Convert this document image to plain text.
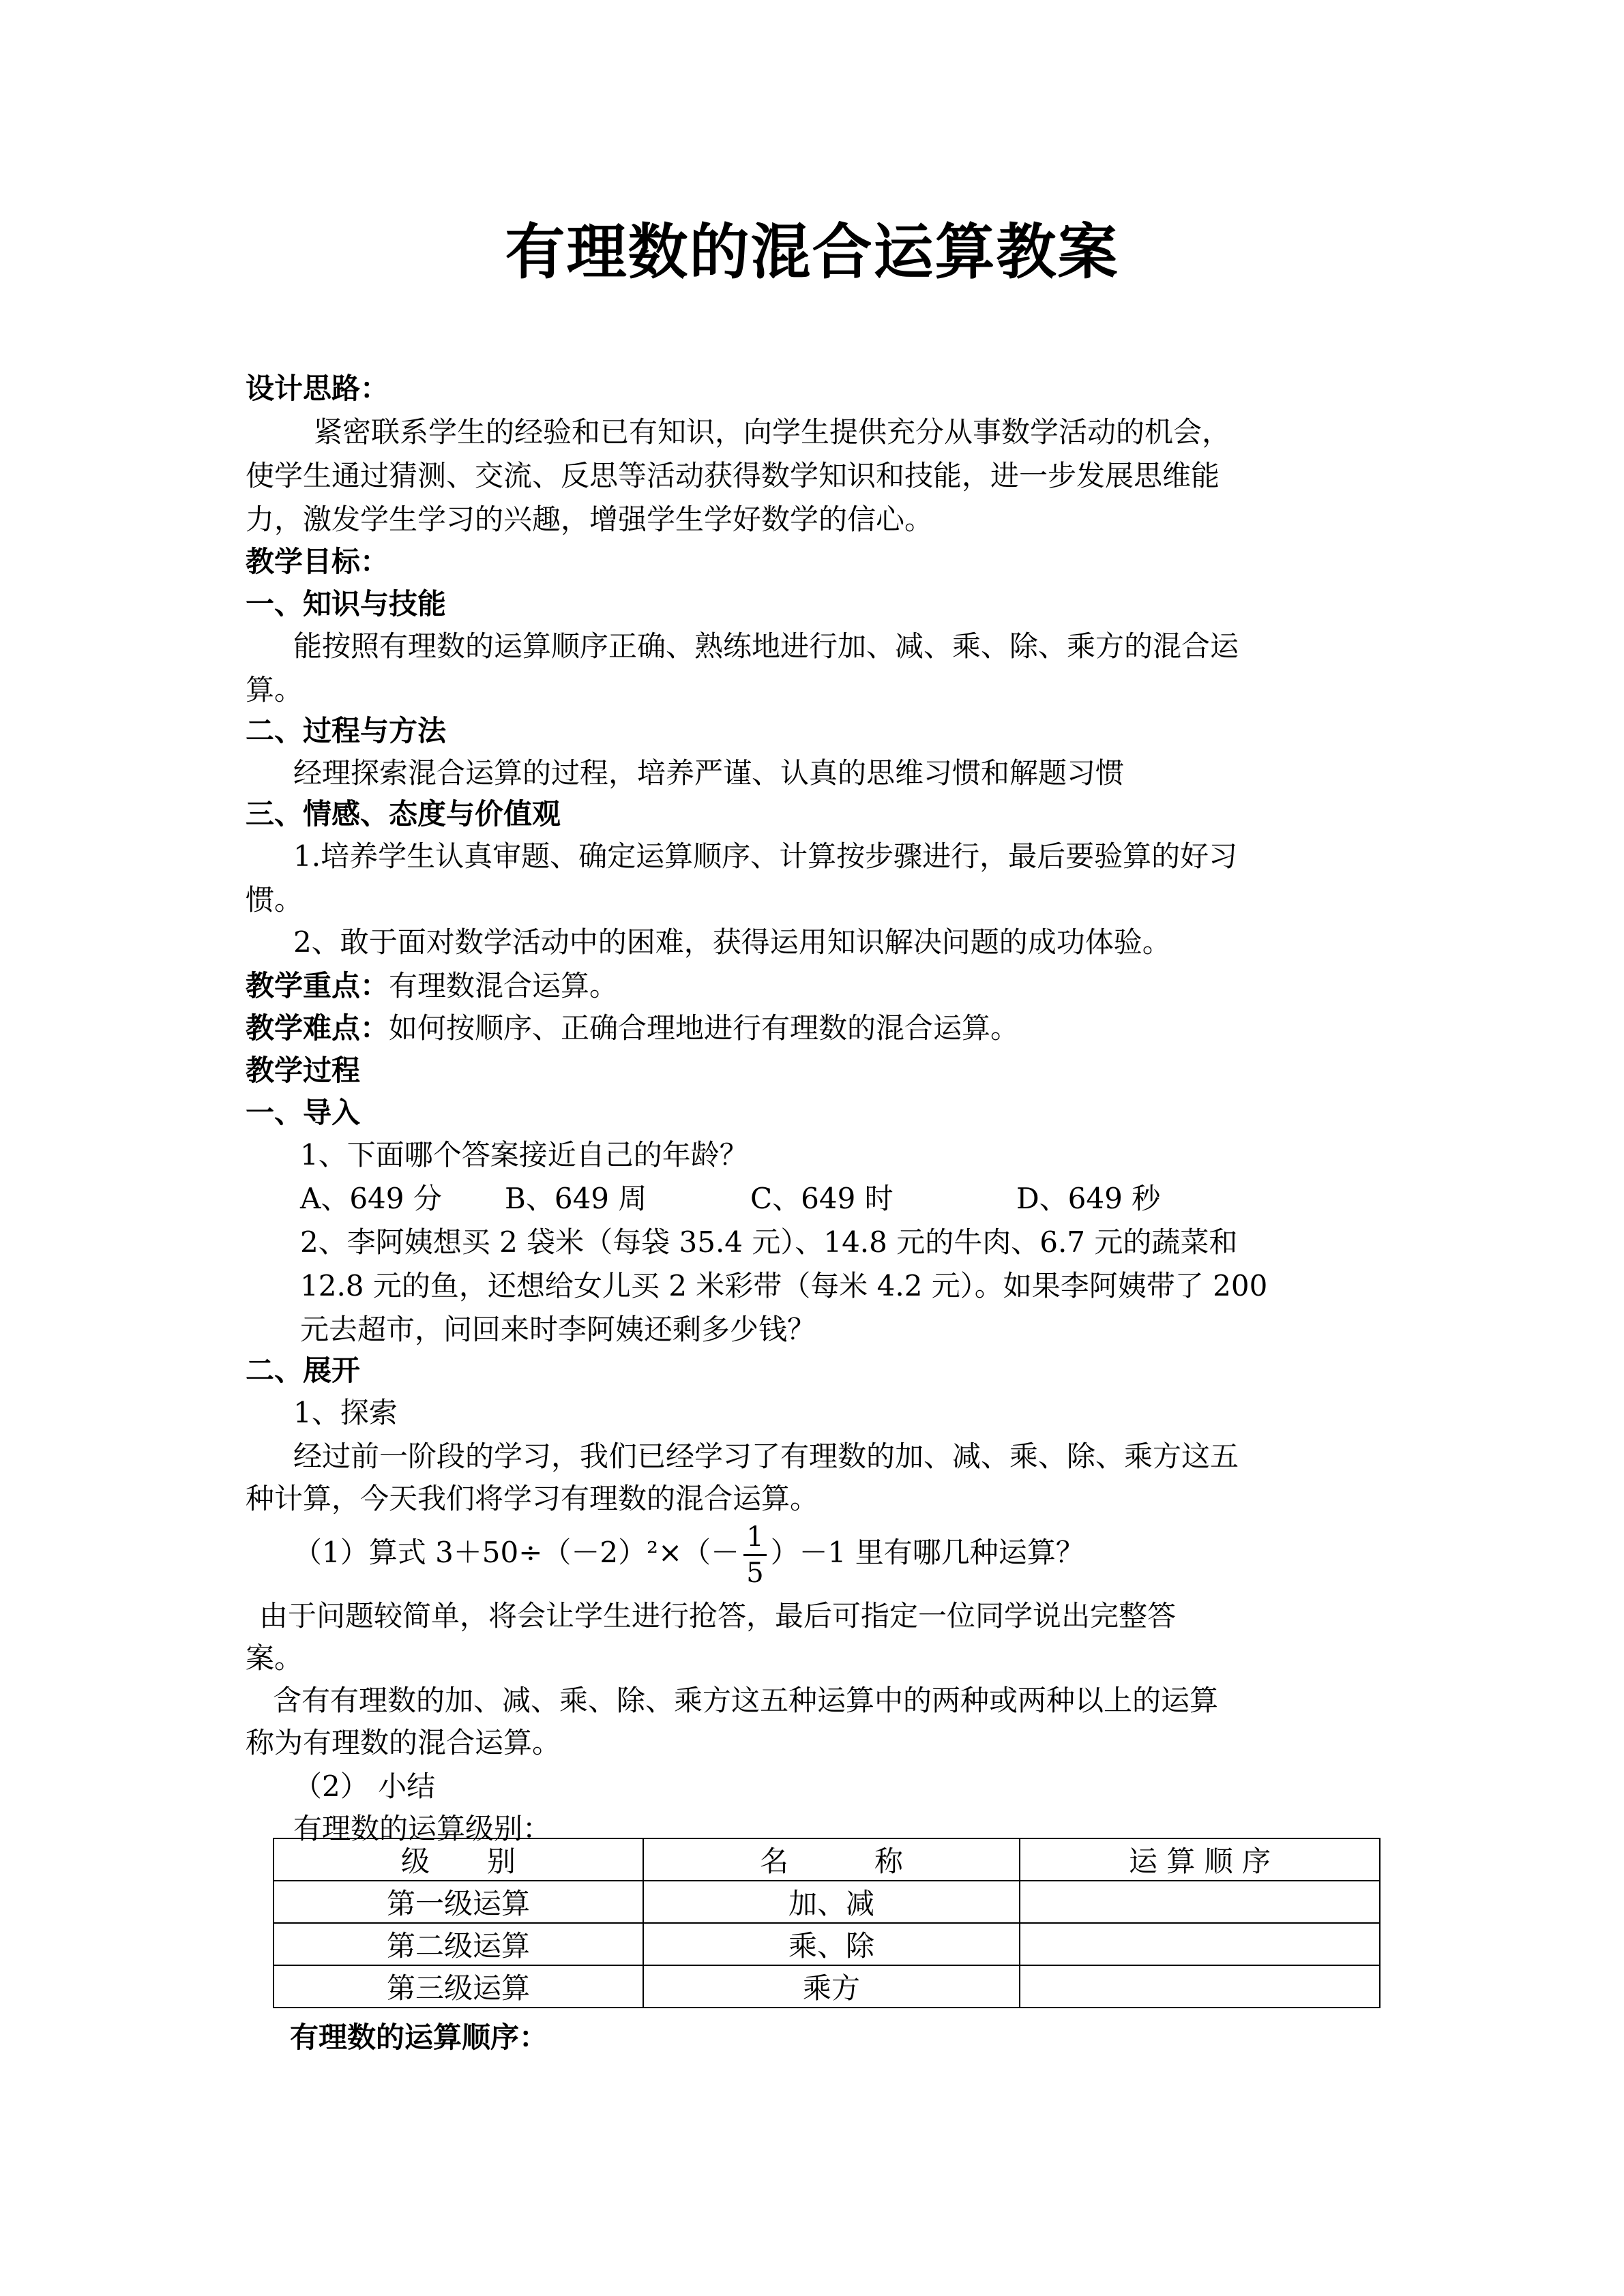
有理数的混合运算教案
设计思路：
紧密联系学生的经验和已有知识，向学生提供充分从事数学活动的机会，
使学生通过猜测、交流、反思等活动获得数学知识和技能，进一步发展思维能
力，激发学生学习的兴趣，增强学生学好数学的信心。
教学目标：
一、知识与技能
能按照有理数的运算顺序正确、熟练地进行加、减、乘、除、乘方的混合运
算。
二、过程与方法
经理探索混合运算的过程，培养严谨、认真的思维习惯和解题习惯
三、情感、态度与价值观
1.培养学生认真审题、确定运算顺序、计算按步骤进行，最后要验算的好习
惯。
2、敢于面对数学活动中的困难，获得运用知识解决问题的成功体验。
教学重点：有理数混合运算。
教学难点：如何按顺序、正确合理地进行有理数的混合运算。
教学过程
一、导入
1、下面哪个答案接近自己的年龄？
A、649 分 B、649 周	C、649 时	D、649 秒
2、李阿姨想买 2 袋米（每袋 35.4 元）、14.8 元的牛肉、6.7 元的蔬菜和
12.8 元的鱼，还想给女儿买 2 米彩带（每米 4.2 元）。如果李阿姨带了 200
元去超市，问回来时李阿姨还剩多少钱？
二、展开
1、探索
经过前一阶段的学习，我们已经学习了有理数的加、减、乘、除、乘方这五
种计算，今天我们将学习有理数的混合运算。
（1）算式 $3+50\div(-2)^2\times(- \frac{1}{5} )-1$ 里有哪几种运算？
由于问题较简单，将会让学生进行抢答，最后可指定一位同学说出完整答
案。
含有有理数的加、减、乘、除、乘方这五种运算中的两种或两种以上的运算
称为有理数的混合运算。
（2） 小结
有理数的运算级别：
级　　别	名　　　称	运 算 顺 序
第一级运算	加、减	
第二级运算	乘、除	
第三级运算	乘方	
有理数的运算顺序：
